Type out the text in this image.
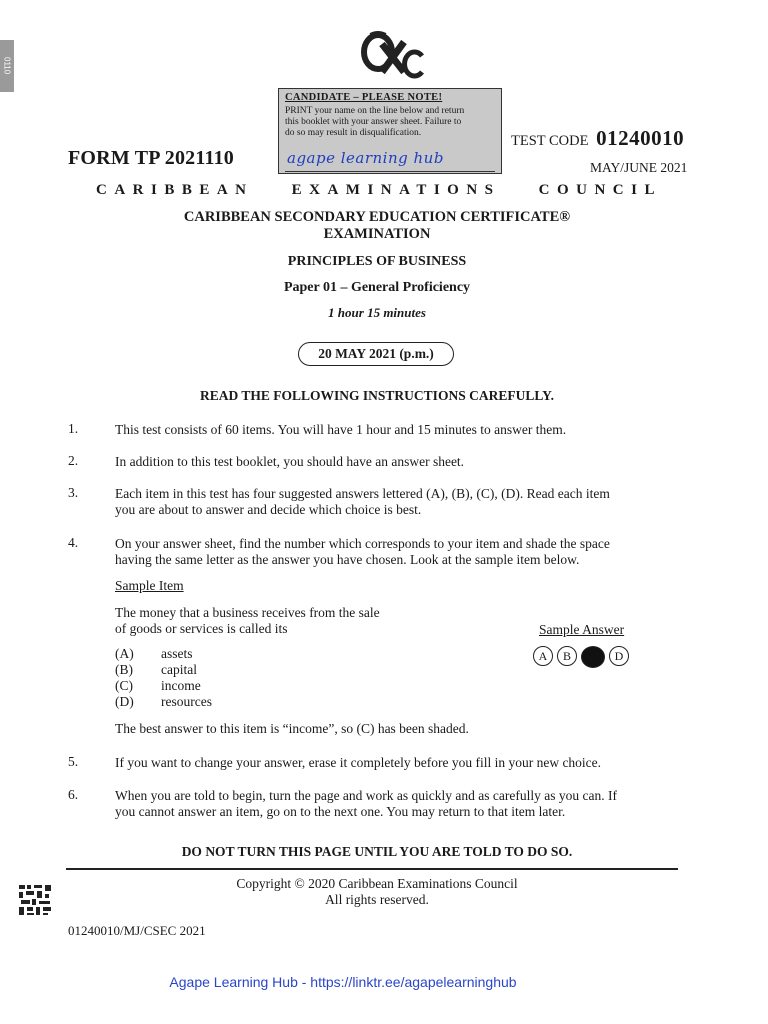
0110
CANDIDATE – PLEASE NOTE!
PRINT your name on the line below and return
this booklet with your answer sheet. Failure to
do so may result in disqualification.
agape learning hub
FORM TP 2021110
TEST CODE 01240010
MAY/JUNE 2021
CARIBBEAN	EXAMINATIONS	COUNCIL
CARIBBEAN SECONDARY EDUCATION CERTIFICATE®
EXAMINATION
PRINCIPLES OF BUSINESS
Paper 01 – General Proficiency
1 hour 15 minutes
20 MAY 2021 (p.m.)
READ THE FOLLOWING INSTRUCTIONS CAREFULLY.
1.	This test consists of 60 items. You will have 1 hour and 15 minutes to answer them.
2.	In addition to this test booklet, you should have an answer sheet.
3.	Each item in this test has four suggested answers lettered (A), (B), (C), (D). Read each item
you are about to answer and decide which choice is best.
4.	On your answer sheet, find the number which corresponds to your item and shade the space
having the same letter as the answer you have chosen. Look at the sample item below.
Sample Item
The money that a business receives from the sale
of goods or services is called its	Sample Answer
A	B	D
(A) assets
(B) capital
(C) income
(D) resources
The best answer to this item is “income”, so (C) has been shaded.
5.	If you want to change your answer, erase it completely before you fill in your new choice.
6.	When you are told to begin, turn the page and work as quickly and as carefully as you can. If
you cannot answer an item, go on to the next one. You may return to that item later.
DO NOT TURN THIS PAGE UNTIL YOU ARE TOLD TO DO SO.
Copyright © 2020 Caribbean Examinations Council
All rights reserved.
01240010/MJ/CSEC 2021
Agape Learning Hub - https://linktr.ee/agapelearninghub
